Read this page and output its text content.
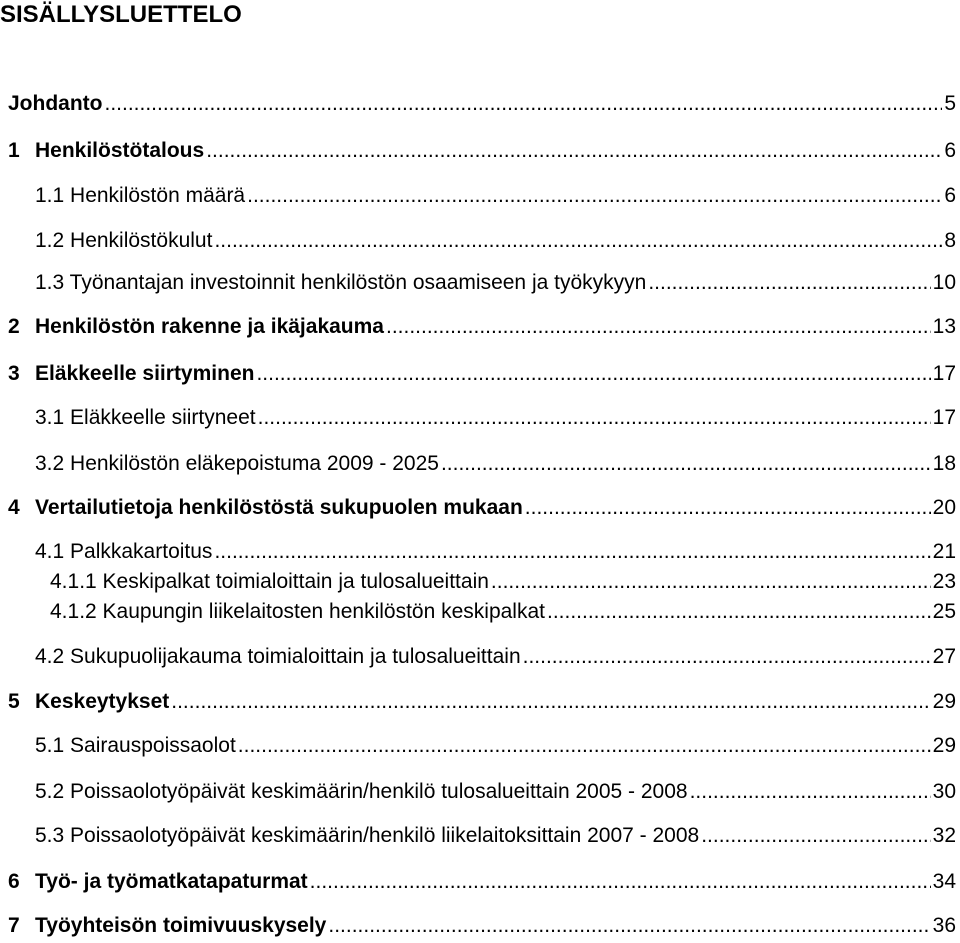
SISÄLLYSLUETTELO
Johdanto .....	5
1 Henkilöstötalous .....	6
1.1 Henkilöstön määrä .....	6
1.2 Henkilöstökulut .....	8
1.3 Työnantajan investoinnit henkilöstön osaamiseen ja työkykyyn .....	10
2 Henkilöstön rakenne ja ikäjakauma .....	13
3 Eläkkeelle siirtyminen .....	17
3.1 Eläkkeelle siirtyneet .....	17
3.2 Henkilöstön eläkepoistuma 2009 - 2025 .....	18
4 Vertailutietoja henkilöstöstä sukupuolen mukaan .....	20
4.1 Palkkakartoitus .....	21
4.1.1 Keskipalkat toimialoittain ja tulosalueittain .....	23
4.1.2 Kaupungin liikelaitosten henkilöstön keskipalkat .....	25
4.2 Sukupuolijakauma toimialoittain ja tulosalueittain .....	27
5 Keskeytykset .....	29
5.1 Sairauspoissaolot .....	29
5.2 Poissaolotyöpäivät keskimäärin/henkilö tulosalueittain 2005 - 2008 .....	30
5.3 Poissaolotyöpäivät keskimäärin/henkilö liikelaitoksittain 2007 - 2008 .....	32
6 Työ- ja työmatkatapaturmat .....	34
7 Työyhteisön toimivuuskysely .....	36
